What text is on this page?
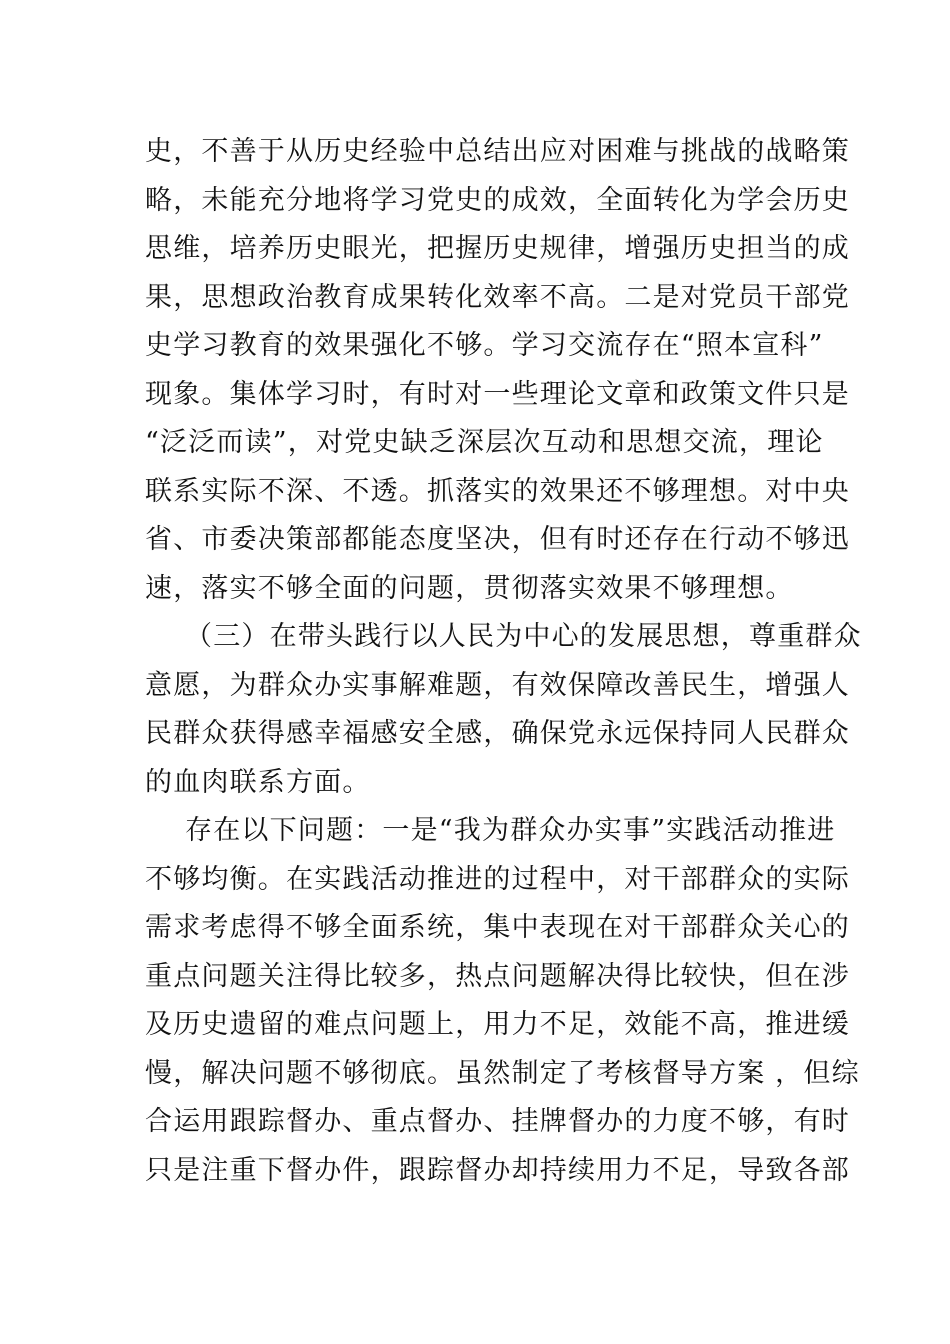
史，不善于从历史经验中总结出应对困难与挑战的战略策
略，未能充分地将学习党史的成效，全面转化为学会历史
思维，培养历史眼光，把握历史规律，增强历史担当的成
果，思想政治教育成果转化效率不高。二是对党员干部党
史学习教育的效果强化不够。学习交流存在“照本宣科”
现象。集体学习时，有时对一些理论文章和政策文件只是
“泛泛而读”，对党史缺乏深层次互动和思想交流，理论
联系实际不深、不透。抓落实的效果还不够理想。对中央
省、市委决策部都能态度坚决，但有时还存在行动不够迅
速，落实不够全面的问题，贯彻落实效果不够理想。
（三）在带头践行以人民为中心的发展思想，尊重群众
意愿，为群众办实事解难题，有效保障改善民生，增强人
民群众获得感幸福感安全感，确保党永远保持同人民群众
的血肉联系方面。
存在以下问题：一是“我为群众办实事”实践活动推进
不够均衡。在实践活动推进的过程中，对干部群众的实际
需求考虑得不够全面系统，集中表现在对干部群众关心的
重点问题关注得比较多，热点问题解决得比较快，但在涉
及历史遗留的难点问题上，用力不足，效能不高，推进缓
慢，解决问题不够彻底。虽然制定了考核督导方案 ，但综
合运用跟踪督办、重点督办、挂牌督办的力度不够，有时
只是注重下督办件，跟踪督办却持续用力不足，导致各部
